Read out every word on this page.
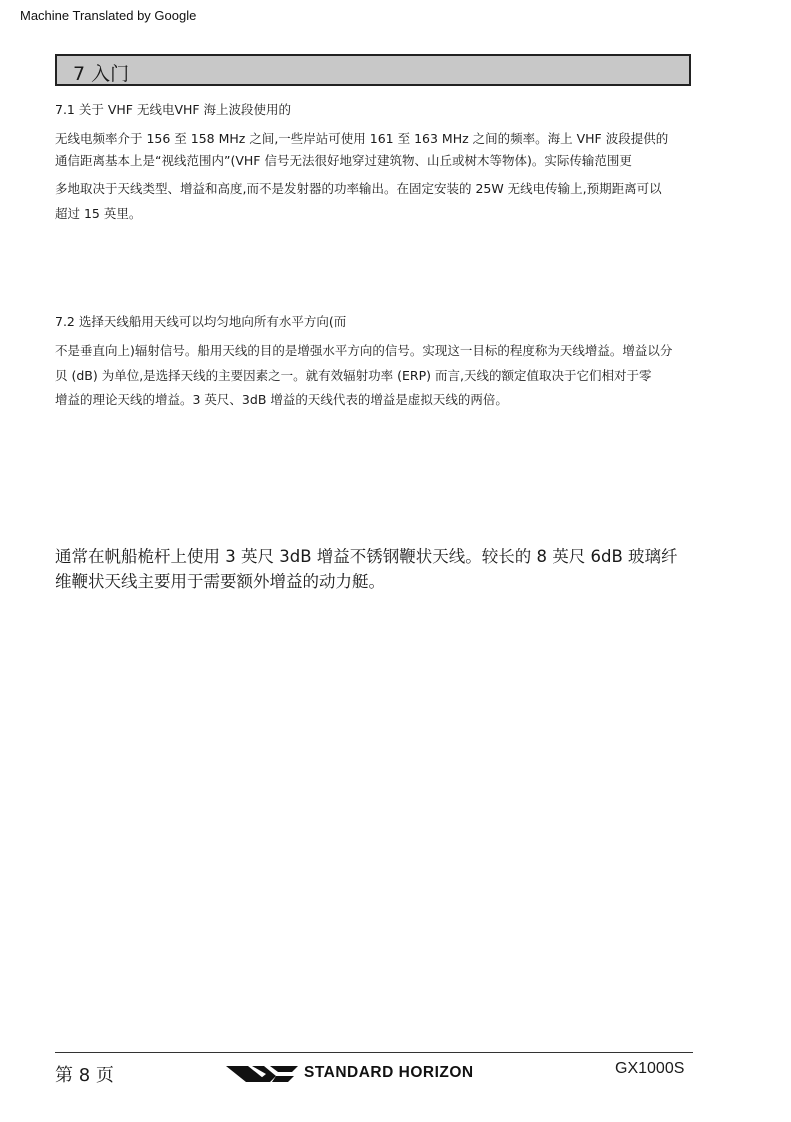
Machine Translated by Google
7 入门
7.1 关于 VHF 无线电VHF 海上波段使用的
无线电频率介于 156 至 158 MHz 之间,一些岸站可使用 161 至 163 MHz 之间的频率。海上 VHF 波段提供的
通信距离基本上是“视线范围内”(VHF 信号无法很好地穿过建筑物、山丘或树木等物体)。实际传输范围更
多地取决于天线类型、增益和高度,而不是发射器的功率输出。在固定安装的 25W 无线电传输上,预期距离可以
超过 15 英里。
7.2 选择天线船用天线可以均匀地向所有水平方向(而
不是垂直向上)辐射信号。船用天线的目的是增强水平方向的信号。实现这一目标的程度称为天线增益。增益以分
贝 (dB) 为单位,是选择天线的主要因素之一。就有效辐射功率 (ERP) 而言,天线的额定值取决于它们相对于零
增益的理论天线的增益。3 英尺、3dB 增益的天线代表的增益是虚拟天线的两倍。
通常在帆船桅杆上使用 3 英尺 3dB 增益不锈钢鞭状天线。较长的 8 英尺 6dB 玻璃纤
维鞭状天线主要用于需要额外增益的动力艇。
第 8 页	STANDARD HORIZON	GX1000S
